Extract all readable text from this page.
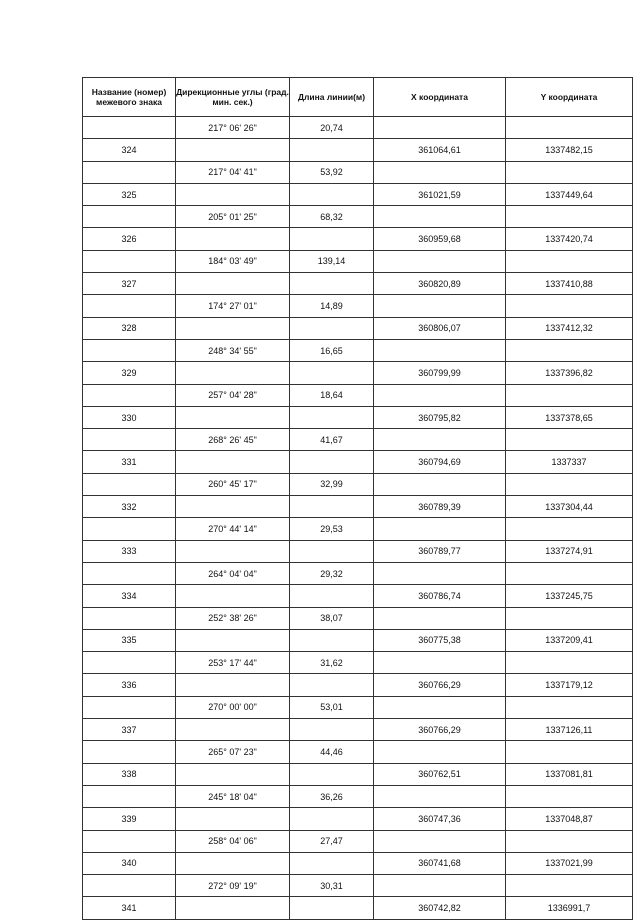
Название (номер) межевого знака	Дирекционные углы (град. мин. сек.)	Длина линии(м)	X координата	Y координата
	217° 06' 26"	20,74		
324			361064,61	1337482,15
	217° 04' 41"	53,92		
325			361021,59	1337449,64
	205° 01' 25"	68,32		
326			360959,68	1337420,74
	184° 03' 49"	139,14		
327			360820,89	1337410,88
	174° 27' 01"	14,89		
328			360806,07	1337412,32
	248° 34' 55"	16,65		
329			360799,99	1337396,82
	257° 04' 28"	18,64		
330			360795,82	1337378,65
	268° 26' 45"	41,67		
331			360794,69	1337337
	260° 45' 17"	32,99		
332			360789,39	1337304,44
	270° 44' 14"	29,53		
333			360789,77	1337274,91
	264° 04' 04"	29,32		
334			360786,74	1337245,75
	252° 38' 26"	38,07		
335			360775,38	1337209,41
	253° 17' 44"	31,62		
336			360766,29	1337179,12
	270° 00' 00"	53,01		
337			360766,29	1337126,11
	265° 07' 23"	44,46		
338			360762,51	1337081,81
	245° 18' 04"	36,26		
339			360747,36	1337048,87
	258° 04' 06"	27,47		
340			360741,68	1337021,99
	272° 09' 19"	30,31		
341			360742,82	1336991,7
